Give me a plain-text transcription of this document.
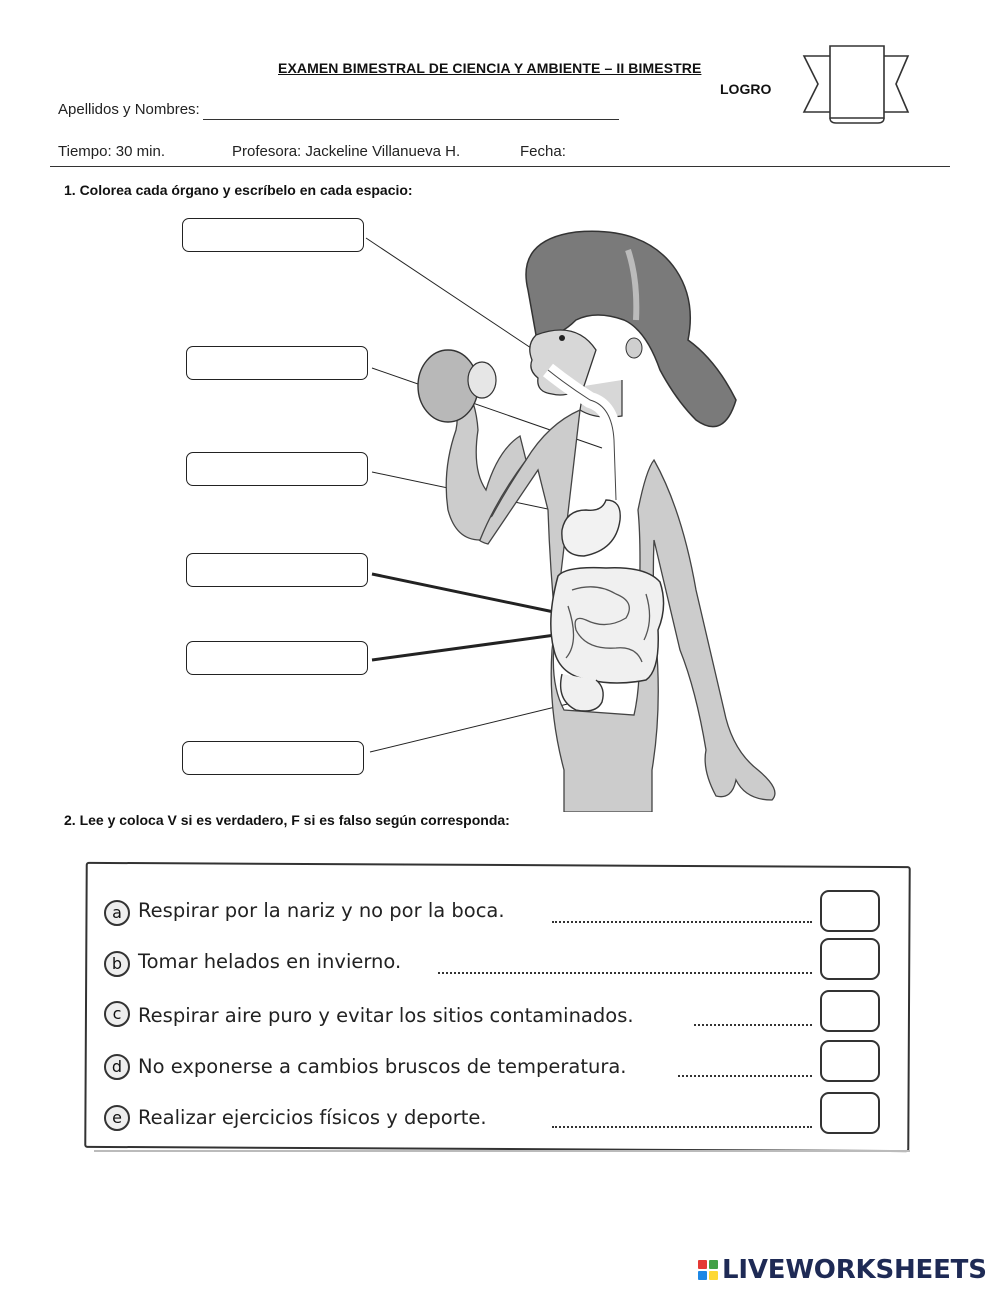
EXAMEN BIMESTRAL DE CIENCIA Y AMBIENTE – II BIMESTRE
LOGRO
Apellidos y Nombres:
Tiempo: 30 min.	Profesora: Jackeline Villanueva H.	Fecha:
1. Colorea cada órgano y escríbelo en cada espacio:
2. Lee y coloca V si es verdadero, F si es falso según corresponda:
a Respirar por la nariz y no por la boca.
b Tomar helados en invierno.
c Respirar aire puro y evitar los sitios contaminados.
d No exponerse a cambios bruscos de temperatura.
e Realizar ejercicios físicos y deporte.
LIVEWORKSHEETS
